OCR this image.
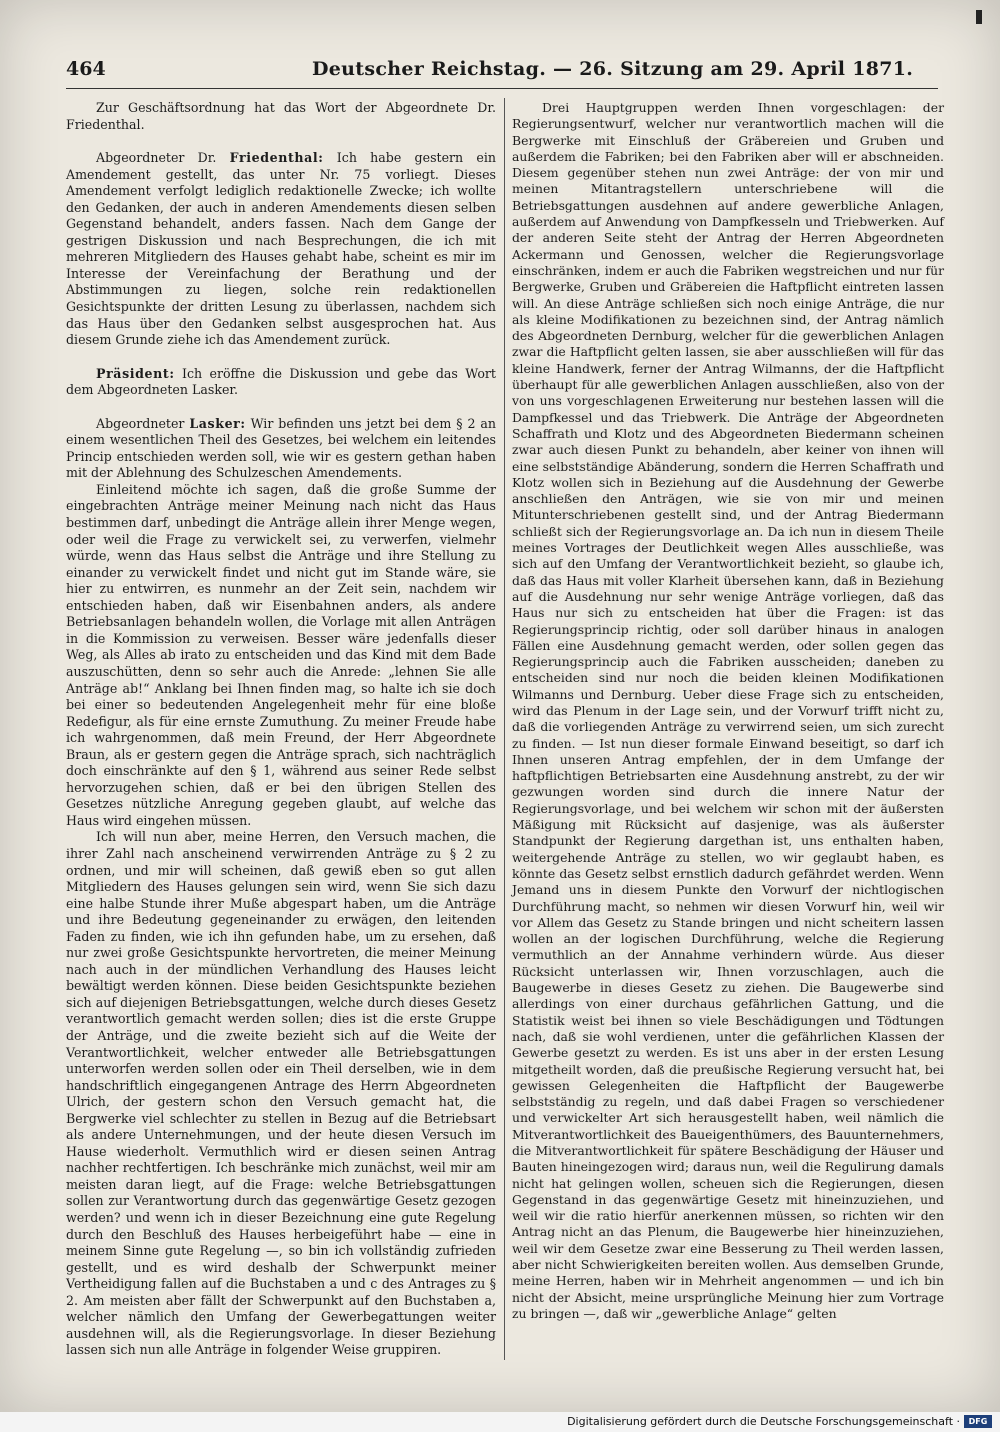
464	Deutscher Reichstag. — 26. Sitzung am 29. April 1871.

Zur Geschäftsordnung hat das Wort der Abgeordnete Dr. Friedenthal.

Abgeordneter Dr. Friedenthal: Ich habe gestern ein Amendement gestellt, das unter Nr. 75 vorliegt. Dieses Amendement verfolgt lediglich redaktionelle Zwecke; ich wollte den Gedanken, der auch in anderen Amendements diesen selben Gegenstand behandelt, anders fassen. Nach dem Gange der gestrigen Diskussion und nach Besprechungen, die ich mit mehreren Mitgliedern des Hauses gehabt habe, scheint es mir im Interesse der Vereinfachung der Berathung und der Abstimmungen zu liegen, solche rein redaktionellen Gesichtspunkte der dritten Lesung zu überlassen, nachdem sich das Haus über den Gedanken selbst ausgesprochen hat. Aus diesem Grunde ziehe ich das Amendement zurück.

Präsident: Ich eröffne die Diskussion und gebe das Wort dem Abgeordneten Lasker.

Abgeordneter Lasker: Wir befinden uns jetzt bei dem § 2 an einem wesentlichen Theil des Gesetzes, bei welchem ein leitendes Princip entschieden werden soll, wie wir es gestern gethan haben mit der Ablehnung des Schulzeschen Amendements.

Einleitend möchte ich sagen, daß die große Summe der eingebrachten Anträge meiner Meinung nach nicht das Haus bestimmen darf, unbedingt die Anträge allein ihrer Menge wegen, oder weil die Frage zu verwickelt sei, zu verwerfen, vielmehr würde, wenn das Haus selbst die Anträge und ihre Stellung zu einander zu verwickelt findet und nicht gut im Stande wäre, sie hier zu entwirren, es nunmehr an der Zeit sein, nachdem wir entschieden haben, daß wir Eisenbahnen anders, als andere Betriebsanlagen behandeln wollen, die Vorlage mit allen Anträgen in die Kommission zu verweisen. Besser wäre jedenfalls dieser Weg, als Alles ab irato zu entscheiden und das Kind mit dem Bade auszuschütten, denn so sehr auch die Anrede: „lehnen Sie alle Anträge ab!“ Anklang bei Ihnen finden mag, so halte ich sie doch bei einer so bedeutenden Angelegenheit mehr für eine bloße Redefigur, als für eine ernste Zumuthung. Zu meiner Freude habe ich wahrgenommen, daß mein Freund, der Herr Abgeordnete Braun, als er gestern gegen die Anträge sprach, sich nachträglich doch einschränkte auf den § 1, während aus seiner Rede selbst hervorzugehen schien, daß er bei den übrigen Stellen des Gesetzes nützliche Anregung gegeben glaubt, auf welche das Haus wird eingehen müssen.

Ich will nun aber, meine Herren, den Versuch machen, die ihrer Zahl nach anscheinend verwirrenden Anträge zu § 2 zu ordnen, und mir will scheinen, daß gewiß eben so gut allen Mitgliedern des Hauses gelungen sein wird, wenn Sie sich dazu eine halbe Stunde ihrer Muße abgespart haben, um die Anträge und ihre Bedeutung gegeneinander zu erwägen, den leitenden Faden zu finden, wie ich ihn gefunden habe, um zu ersehen, daß nur zwei große Gesichtspunkte hervortreten, die meiner Meinung nach auch in der mündlichen Verhandlung des Hauses leicht bewältigt werden können. Diese beiden Gesichtspunkte beziehen sich auf diejenigen Betriebsgattungen, welche durch dieses Gesetz verantwortlich gemacht werden sollen; dies ist die erste Gruppe der Anträge, und die zweite bezieht sich auf die Weite der Verantwortlichkeit, welcher entweder alle Betriebsgattungen unterworfen werden sollen oder ein Theil derselben, wie in dem handschriftlich eingegangenen Antrage des Herrn Abgeordneten Ulrich, der gestern schon den Versuch gemacht hat, die Bergwerke viel schlechter zu stellen in Bezug auf die Betriebsart als andere Unternehmungen, und der heute diesen Versuch im Hause wiederholt. Vermuthlich wird er diesen seinen Antrag nachher rechtfertigen. Ich beschränke mich zunächst, weil mir am meisten daran liegt, auf die Frage: welche Betriebsgattungen sollen zur Verantwortung durch das gegenwärtige Gesetz gezogen werden? und wenn ich in dieser Bezeichnung eine gute Regelung durch den Beschluß des Hauses herbeigeführt habe — eine in meinem Sinne gute Regelung —, so bin ich vollständig zufrieden gestellt, und es wird deshalb der Schwerpunkt meiner Vertheidigung fallen auf die Buchstaben a und c des Antrages zu § 2. Am meisten aber fällt der Schwerpunkt auf den Buchstaben a, welcher nämlich den Umfang der Gewerbegattungen weiter ausdehnen will, als die Regierungsvorlage. In dieser Beziehung lassen sich nun alle Anträge in folgender Weise gruppiren.

Drei Hauptgruppen werden Ihnen vorgeschlagen: der Regierungsentwurf, welcher nur verantwortlich machen will die Bergwerke mit Einschluß der Gräbereien und Gruben und außerdem die Fabriken; bei den Fabriken aber will er abschneiden. Diesem gegenüber stehen nun zwei Anträge: der von mir und meinen Mitantragstellern unterschriebene will die Betriebsgattungen ausdehnen auf andere gewerbliche Anlagen, außerdem auf Anwendung von Dampfkesseln und Triebwerken. Auf der anderen Seite steht der Antrag der Herren Abgeordneten Ackermann und Genossen, welcher die Regierungsvorlage einschränken, indem er auch die Fabriken wegstreichen und nur für Bergwerke, Gruben und Gräbereien die Haftpflicht eintreten lassen will. An diese Anträge schließen sich noch einige Anträge, die nur als kleine Modifikationen zu bezeichnen sind, der Antrag nämlich des Abgeordneten Dernburg, welcher für die gewerblichen Anlagen zwar die Haftpflicht gelten lassen, sie aber ausschließen will für das kleine Handwerk, ferner der Antrag Wilmanns, der die Haftpflicht überhaupt für alle gewerblichen Anlagen ausschließen, also von der von uns vorgeschlagenen Erweiterung nur bestehen lassen will die Dampfkessel und das Triebwerk. Die Anträge der Abgeordneten Schaffrath und Klotz und des Abgeordneten Biedermann scheinen zwar auch diesen Punkt zu behandeln, aber keiner von ihnen will eine selbstständige Abänderung, sondern die Herren Schaffrath und Klotz wollen sich in Beziehung auf die Ausdehnung der Gewerbe anschließen den Anträgen, wie sie von mir und meinen Mitunterschriebenen gestellt sind, und der Antrag Biedermann schließt sich der Regierungsvorlage an. Da ich nun in diesem Theile meines Vortrages der Deutlichkeit wegen Alles ausschließe, was sich auf den Umfang der Verantwortlichkeit bezieht, so glaube ich, daß das Haus mit voller Klarheit übersehen kann, daß in Beziehung auf die Ausdehnung nur sehr wenige Anträge vorliegen, daß das Haus nur sich zu entscheiden hat über die Fragen: ist das Regierungsprincip richtig, oder soll darüber hinaus in analogen Fällen eine Ausdehnung gemacht werden, oder sollen gegen das Regierungsprincip auch die Fabriken ausscheiden; daneben zu entscheiden sind nur noch die beiden kleinen Modifikationen Wilmanns und Dernburg. Ueber diese Frage sich zu entscheiden, wird das Plenum in der Lage sein, und der Vorwurf trifft nicht zu, daß die vorliegenden Anträge zu verwirrend seien, um sich zurecht zu finden. — Ist nun dieser formale Einwand beseitigt, so darf ich Ihnen unseren Antrag empfehlen, der in dem Umfange der haftpflichtigen Betriebsarten eine Ausdehnung anstrebt, zu der wir gezwungen worden sind durch die innere Natur der Regierungsvorlage, und bei welchem wir schon mit der äußersten Mäßigung mit Rücksicht auf dasjenige, was als äußerster Standpunkt der Regierung dargethan ist, uns enthalten haben, weitergehende Anträge zu stellen, wo wir geglaubt haben, es könnte das Gesetz selbst ernstlich dadurch gefährdet werden. Wenn Jemand uns in diesem Punkte den Vorwurf der nichtlogischen Durchführung macht, so nehmen wir diesen Vorwurf hin, weil wir vor Allem das Gesetz zu Stande bringen und nicht scheitern lassen wollen an der logischen Durchführung, welche die Regierung vermuthlich an der Annahme verhindern würde. Aus dieser Rücksicht unterlassen wir, Ihnen vorzuschlagen, auch die Baugewerbe in dieses Gesetz zu ziehen. Die Baugewerbe sind allerdings von einer durchaus gefährlichen Gattung, und die Statistik weist bei ihnen so viele Beschädigungen und Tödtungen nach, daß sie wohl verdienen, unter die gefährlichen Klassen der Gewerbe gesetzt zu werden. Es ist uns aber in der ersten Lesung mitgetheilt worden, daß die preußische Regierung versucht hat, bei gewissen Gelegenheiten die Haftpflicht der Baugewerbe selbstständig zu regeln, und daß dabei Fragen so verschiedener und verwickelter Art sich herausgestellt haben, weil nämlich die Mitverantwortlichkeit des Baueigenthümers, des Bauunternehmers, die Mitverantwortlichkeit für spätere Beschädigung der Häuser und Bauten hineingezogen wird; daraus nun, weil die Regulirung damals nicht hat gelingen wollen, scheuen sich die Regierungen, diesen Gegenstand in das gegenwärtige Gesetz mit hineinzuziehen, und weil wir die ratio hierfür anerkennen müssen, so richten wir den Antrag nicht an das Plenum, die Baugewerbe hier hineinzuziehen, weil wir dem Gesetze zwar eine Besserung zu Theil werden lassen, aber nicht Schwierigkeiten bereiten wollen. Aus demselben Grunde, meine Herren, haben wir in Mehrheit angenommen — und ich bin nicht der Absicht, meine ursprüngliche Meinung hier zum Vortrage zu bringen —, daß wir „gewerbliche Anlage“ gelten

Digitalisierung gefördert durch die Deutsche Forschungsgemeinschaft ·	DFG
